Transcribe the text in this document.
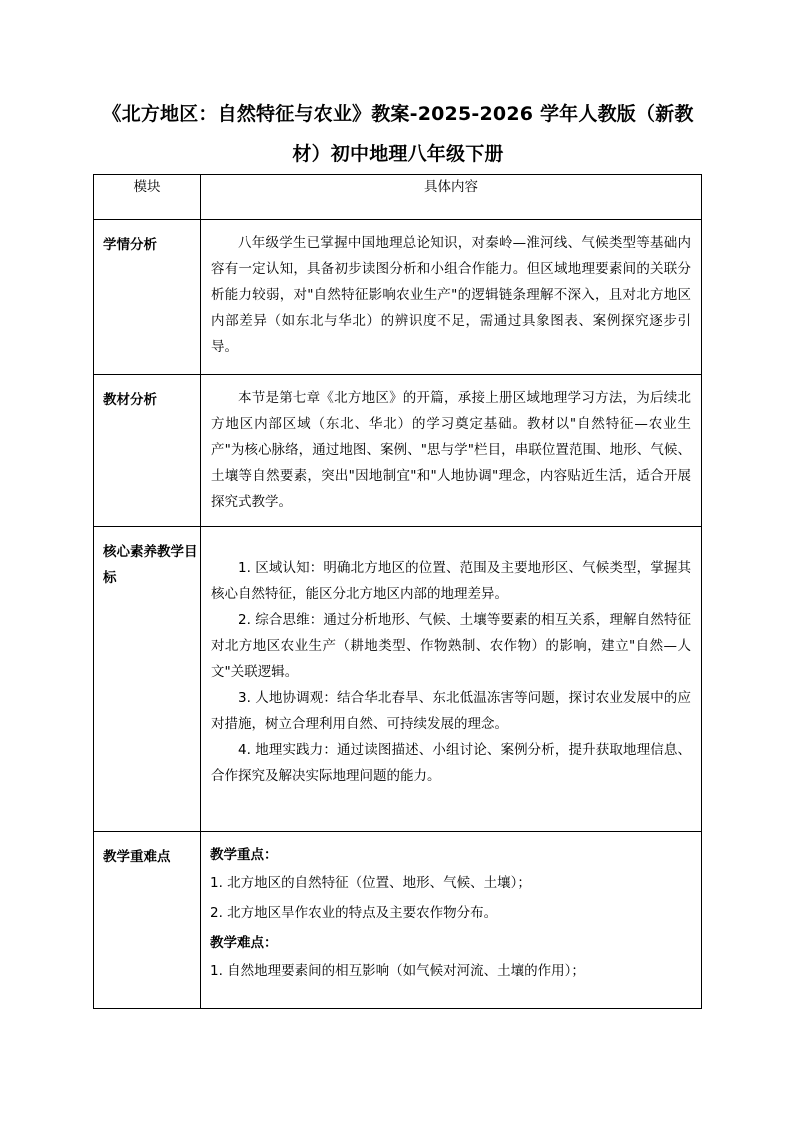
《北方地区：自然特征与农业》教案-2025-2026 学年人教版（新教
材）初中地理八年级下册
模块	具体内容
学情分析	八年级学生已掌握中国地理总论知识，对秦岭—淮河线、气候类型等基础内容有一定认知，具备初步读图分析和小组合作能力。但区域地理要素间的关联分析能力较弱，对"自然特征影响农业生产"的逻辑链条理解不深入，且对北方地区内部差异（如东北与华北）的辨识度不足，需通过具象图表、案例探究逐步引导。

教材分析	本节是第七章《北方地区》的开篇，承接上册区域地理学习方法，为后续北方地区内部区域（东北、华北）的学习奠定基础。教材以"自然特征—农业生产"为核心脉络，通过地图、案例、"思与学"栏目，串联位置范围、地形、气候、土壤等自然要素，突出"因地制宜"和"人地协调"理念，内容贴近生活，适合开展探究式教学。

核心素养教学目标	1. 区域认知：明确北方地区的位置、范围及主要地形区、气候类型，掌握其核心自然特征，能区分北方地区内部的地理差异。

2. 综合思维：通过分析地形、气候、土壤等要素的相互关系，理解自然特征对北方地区农业生产（耕地类型、作物熟制、农作物）的影响，建立"自然—人文"关联逻辑。

3. 人地协调观：结合华北春旱、东北低温冻害等问题，探讨农业发展中的应对措施，树立合理利用自然、可持续发展的理念。

4. 地理实践力：通过读图描述、小组讨论、案例分析，提升获取地理信息、合作探究及解决实际地理问题的能力。

教学重难点	教学重点：

1. 北方地区的自然特征（位置、地形、气候、土壤）；

2. 北方地区旱作农业的特点及主要农作物分布。

教学难点：

1. 自然地理要素间的相互影响（如气候对河流、土壤的作用）；
